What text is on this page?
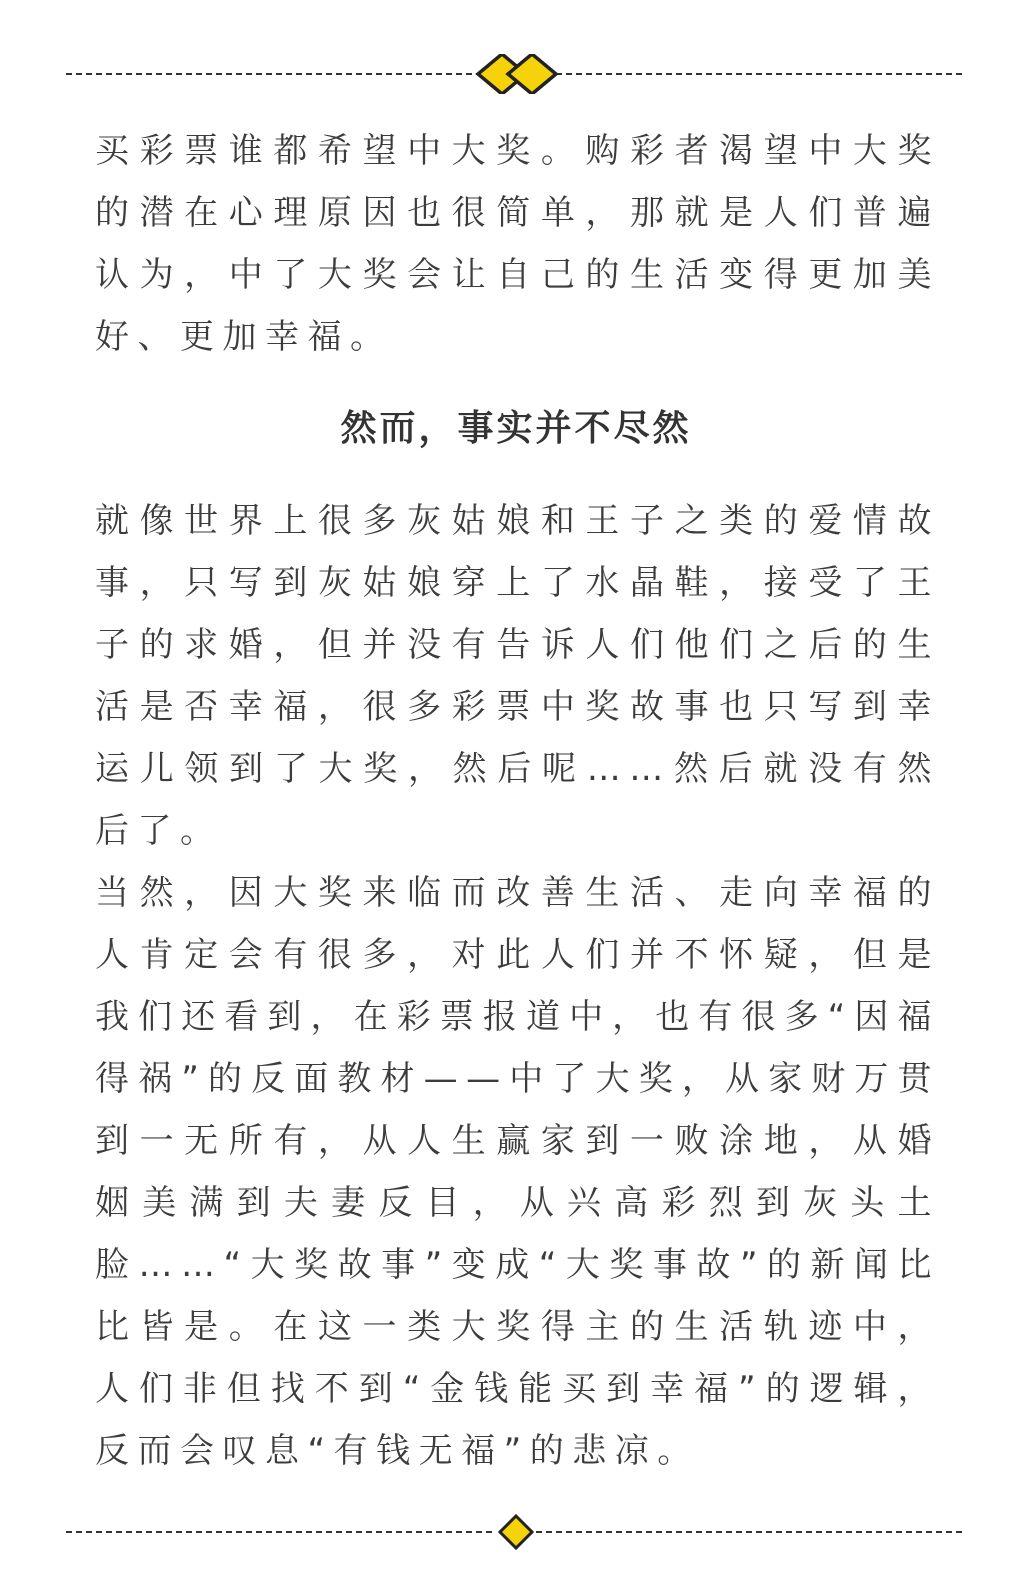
买彩票谁都希望中大奖。购彩者渴望中大奖的潜在心理原因也很简单，那就是人们普遍认为，中了大奖会让自己的生活变得更加美好、更加幸福。

然而，事实并不尽然

就像世界上很多灰姑娘和王子之类的爱情故事，只写到灰姑娘穿上了水晶鞋，接受了王子的求婚，但并没有告诉人们他们之后的生活是否幸福，很多彩票中奖故事也只写到幸运儿领到了大奖，然后呢……然后就没有然后了。

当然，因大奖来临而改善生活、走向幸福的人肯定会有很多，对此人们并不怀疑，但是我们还看到，在彩票报道中，也有很多“因福得祸”的反面教材——中了大奖，从家财万贯到一无所有，从人生赢家到一败涂地，从婚姻美满到夫妻反目，从兴高彩烈到灰头土脸……“大奖故事”变成“大奖事故”的新闻比比皆是。在这一类大奖得主的生活轨迹中，人们非但找不到“金钱能买到幸福”的逻辑，反而会叹息“有钱无福”的悲凉。
